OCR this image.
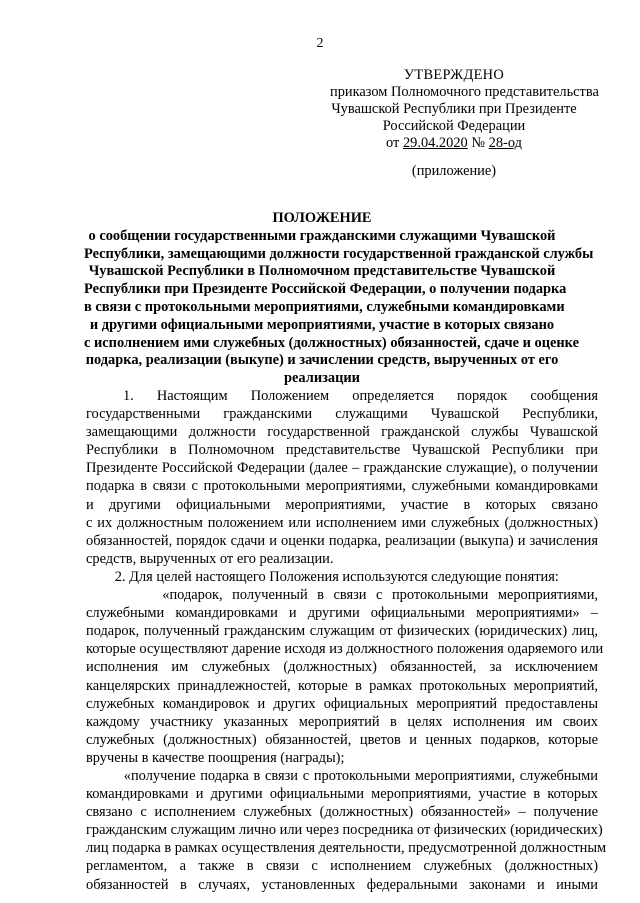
2
УТВЕРЖДЕНО
приказом Полномочного представительства
Чувашской Республики при Президенте
Российской Федерации
от 29.04.2020 № 28-од
(приложение)
ПОЛОЖЕНИЕ
о сообщении государственными гражданскими служащими Чувашской
Республики, замещающими должности государственной гражданской службы
Чувашской Республики в Полномочном представительстве Чувашской
Республики при Президенте Российской Федерации, о получении подарка
в связи с протокольными мероприятиями, служебными командировками
и другими официальными мероприятиями, участие в которых связано
с исполнением ими служебных (должностных) обязанностей, сдаче и оценке
подарка, реализации (выкупе) и зачислении средств, вырученных от его
реализации
1.     Настоящим     Положением     определяется     порядок     сообщения
государственными гражданскими служащими Чувашской Республики,
замещающими должности государственной гражданской службы Чувашской
Республики в Полномочном представительстве Чувашской Республики при
Президенте Российской Федерации (далее – гражданские служащие), о получении
подарка в связи с протокольными мероприятиями, служебными командировками
и другими официальными мероприятиями, участие в которых связано
с их должностным положением или исполнением ими служебных (должностных)
обязанностей, порядок сдачи и оценки подарка, реализации (выкупа) и зачисления
средств, вырученных от его реализации.
2. Для целей настоящего Положения используются следующие понятия:
«подарок, полученный в связи с протокольными мероприятиями,
служебными командировками и другими официальными мероприятиями» –
подарок, полученный гражданским служащим от физических (юридических) лиц,
которые осуществляют дарение исходя из должностного положения одаряемого или
исполнения им служебных (должностных) обязанностей, за исключением
канцелярских принадлежностей, которые в рамках протокольных мероприятий,
служебных командировок и других официальных мероприятий предоставлены
каждому участнику указанных мероприятий в целях исполнения им своих
служебных (должностных) обязанностей, цветов и ценных подарков, которые
вручены в качестве поощрения (награды);
«получение подарка в связи с протокольными мероприятиями, служебными
командировками и другими официальными мероприятиями, участие в которых
связано с исполнением служебных (должностных) обязанностей» – получение
гражданским служащим лично или через посредника от физических (юридических)
лиц подарка в рамках осуществления деятельности, предусмотренной должностным
регламентом, а также в связи с исполнением служебных (должностных)
обязанностей в случаях, установленных федеральными законами и иными
